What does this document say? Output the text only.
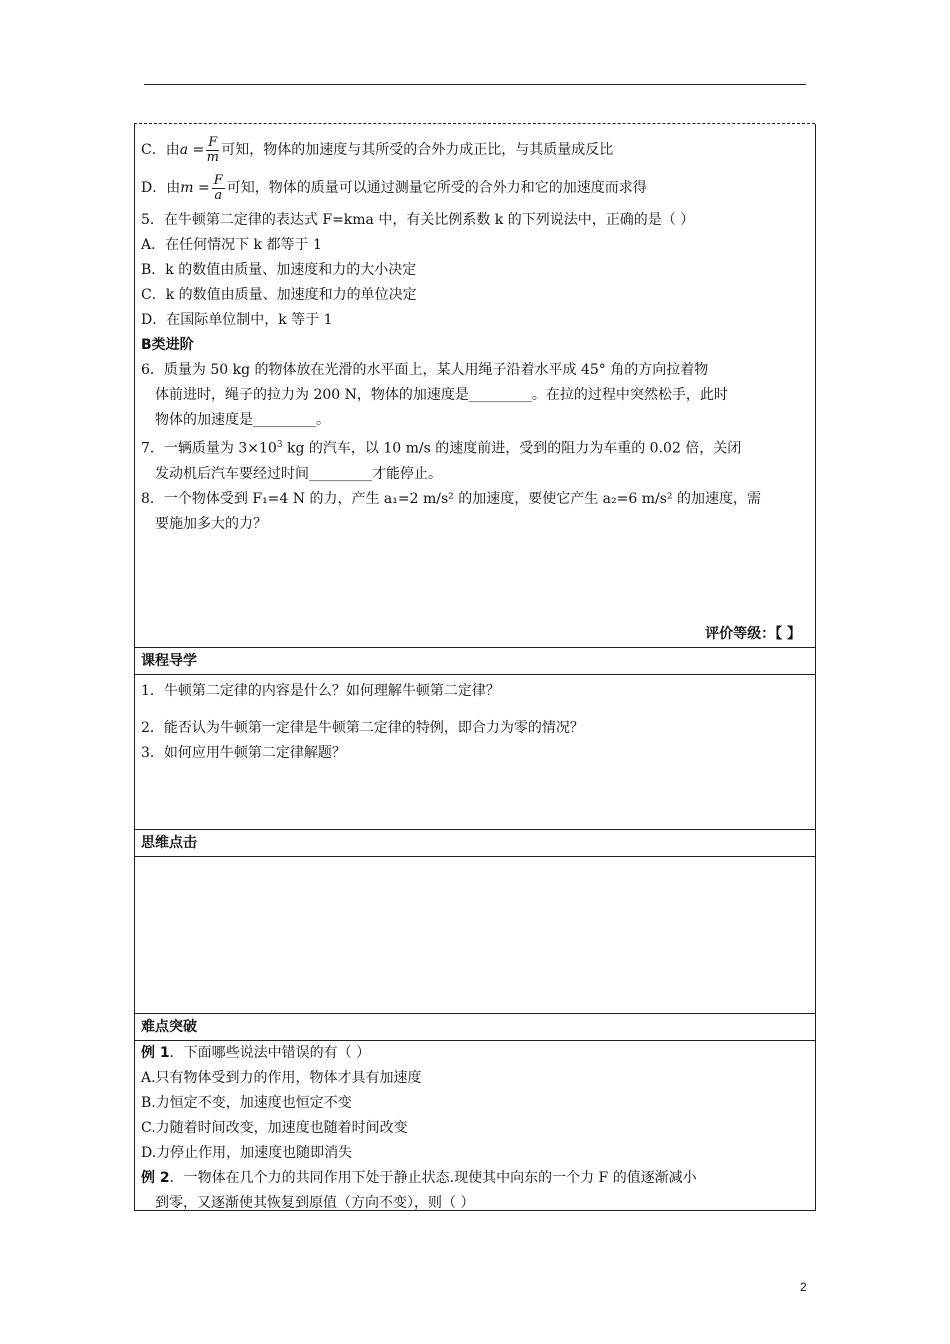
C．由$a = \frac{F}{m}$ 可知，物体的加速度与其所受的合外力成正比，与其质量成反比
D．由$m = \frac{F}{a}$ 可知，物体的质量可以通过测量它所受的合外力和它的加速度而求得
5．在牛顿第二定律的表达式 F=kma 中，有关比例系数 k 的下列说法中，正确的是（ ）
A．在任何情况下 k 都等于 1
B．k 的数值由质量、加速度和力的大小决定
C．k 的数值由质量、加速度和力的单位决定
D．在国际单位制中，k 等于 1
B类进阶
6．质量为 50 kg 的物体放在光滑的水平面上，某人用绳子沿着水平成 45° 角的方向拉着物
体前进时，绳子的拉力为 200 N，物体的加速度是_________。在拉的过程中突然松手，此时
物体的加速度是_________。
7．一辆质量为 $3\times 10^3$ kg 的汽车，以 10 m/s 的速度前进，受到的阻力为车重的 0.02 倍，关闭
发动机后汽车要经过时间_________才能停止。
8．一个物体受到 F₁=4 N 的力，产生 a₁=2 m/s² 的加速度，要使它产生 a₂=6 m/s² 的加速度，需
要施加多大的力？
评价等级：【 】
课程导学
1．牛顿第二定律的内容是什么？如何理解牛顿第二定律？
2．能否认为牛顿第一定律是牛顿第二定律的特例，即合力为零的情况？
3．如何应用牛顿第二定律解题？
思维点击
难点突破
例 1．下面哪些说法中错误的有（ ）
A.只有物体受到力的作用，物体才具有加速度
B.力恒定不变，加速度也恒定不变
C.力随着时间改变，加速度也随着时间改变
D.力停止作用，加速度也随即消失
例 2．一物体在几个力的共同作用下处于静止状态.现使其中向东的一个力 F 的值逐渐减小
到零，又逐渐使其恢复到原值（方向不变），则（ ）
2
